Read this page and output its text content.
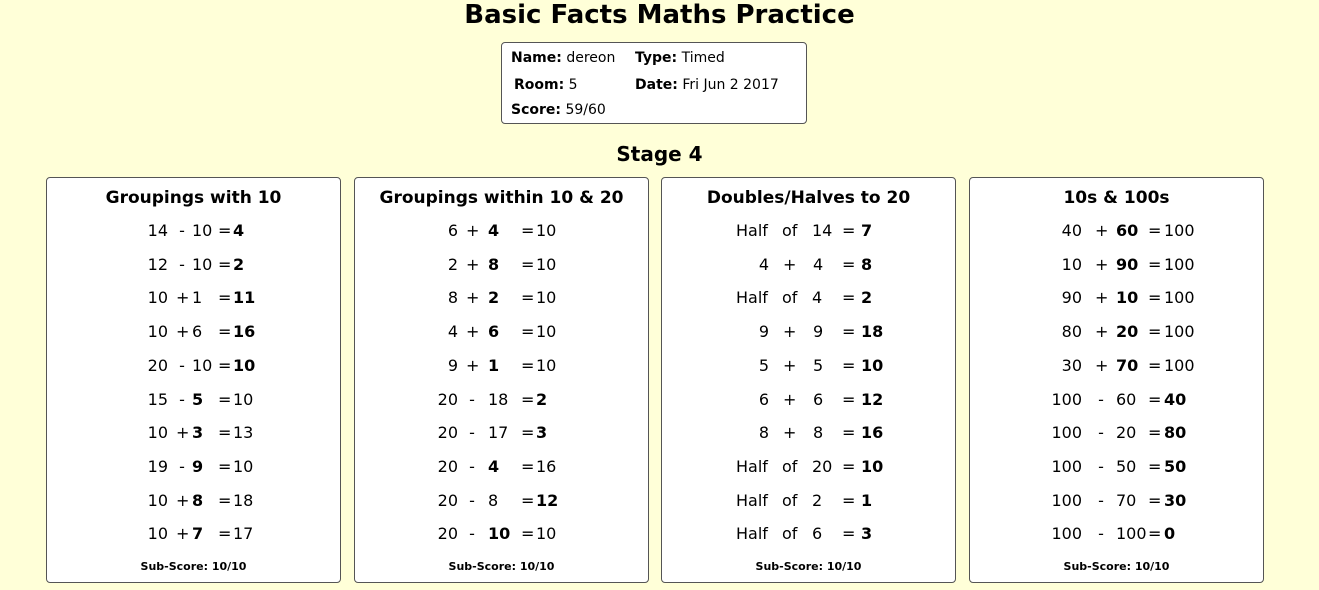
Basic Facts Maths Practice
Name: dereon Type: Timed
Room: 5	Date: Fri Jun 2 2017
Score: 59/60
Stage 4
Groupings with 10
14 - 10 = 4
12 - 10 = 2
10 + 1 = 11
10 + 6 = 16
20 - 10 = 10
15 - 5 = 10
10 + 3 = 13
19 - 9 = 10
10 + 8 = 18
10 + 7 = 17
Sub-Score: 10/10
Groupings within 10 & 20
6 + 4 = 10
2 + 8 = 10
8 + 2 = 10
4 + 6 = 10
9 + 1 = 10
20 - 18 = 2
20 - 17 = 3
20 - 4 = 16
20 - 8 = 12
20 - 10 = 10
Sub-Score: 10/10
Doubles/Halves to 20
Half of 14 = 7
4 + 4 = 8
Half of 4 = 2
9 + 9 = 18
5 + 5 = 10
6 + 6 = 12
8 + 8 = 16
Half of 20 = 10
Half of 2 = 1
Half of 6 = 3
Sub-Score: 10/10
10s & 100s
40 + 60 = 100
10 + 90 = 100
90 + 10 = 100
80 + 20 = 100
30 + 70 = 100
100 - 60 = 40
100 - 20 = 80
100 - 50 = 50
100 - 70 = 30
100 - 100 = 0
Sub-Score: 10/10
